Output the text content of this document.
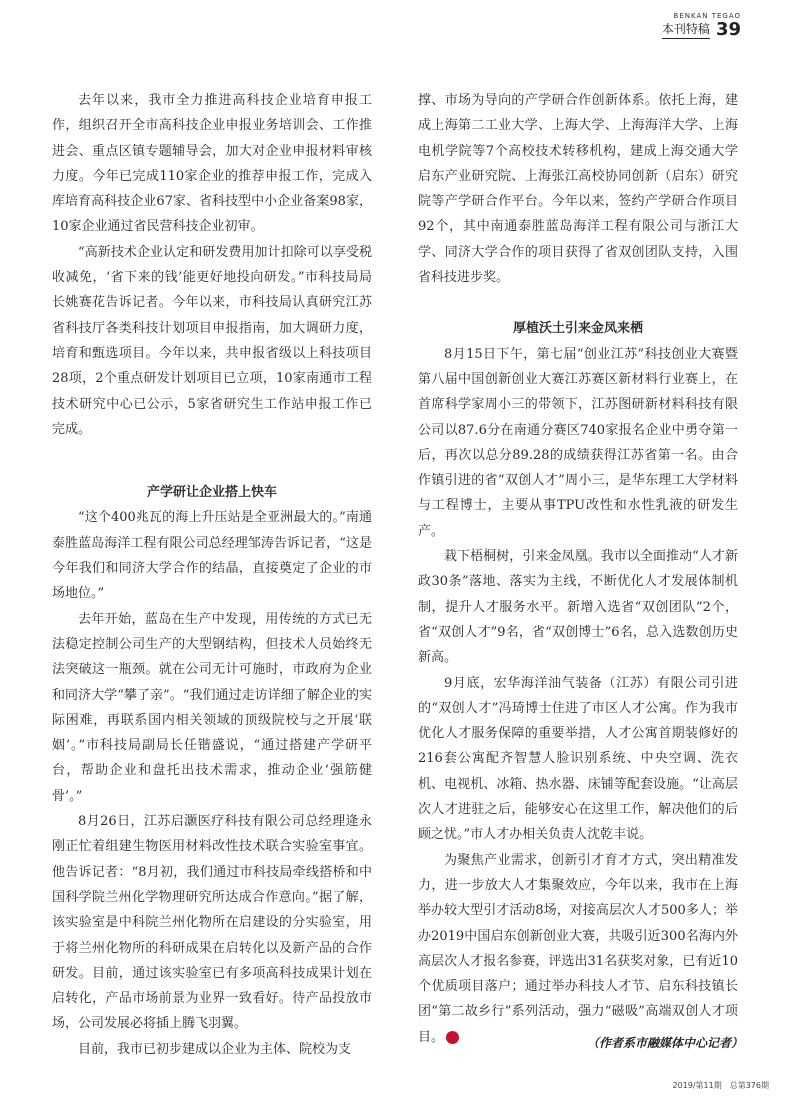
BENKAN TEGAO
本刊特稿 39

去年以来，我市全力推进高科技企业培育申报工作，组织召开全市高科技企业申报业务培训会、工作推进会、重点区镇专题辅导会，加大对企业申报材料审核力度。今年已完成110家企业的推荐申报工作，完成入库培育高科技企业67家、省科技型中小企业备案98家，10家企业通过省民营科技企业初审。

“高新技术企业认定和研发费用加计扣除可以享受税收减免，‘省下来的钱’能更好地投向研发。”市科技局局长姚赛花告诉记者。今年以来，市科技局认真研究江苏省科技厅各类科技计划项目申报指南，加大调研力度，培育和甄选项目。今年以来，共申报省级以上科技项目28项，2个重点研发计划项目已立项，10家南通市工程技术研究中心已公示，5家省研究生工作站申报工作已完成。

产学研让企业搭上快车

“这个400兆瓦的海上升压站是全亚洲最大的。”南通泰胜蓝岛海洋工程有限公司总经理邹涛告诉记者，“这是今年我们和同济大学合作的结晶，直接奠定了企业的市场地位。”

去年开始，蓝岛在生产中发现，用传统的方式已无法稳定控制公司生产的大型钢结构，但技术人员始终无法突破这一瓶颈。就在公司无计可施时，市政府为企业和同济大学“攀了亲”。“我们通过走访详细了解企业的实际困难，再联系国内相关领域的顶级院校与之开展‘联姻’。”市科技局副局长任锴盛说，“通过搭建产学研平台，帮助企业和盘托出技术需求，推动企业‘强筋健骨’。”

8月26日，江苏启灏医疗科技有限公司总经理逄永刚正忙着组建生物医用材料改性技术联合实验室事宜。他告诉记者：“8月初，我们通过市科技局牵线搭桥和中国科学院兰州化学物理研究所达成合作意向。”据了解，该实验室是中科院兰州化物所在启建设的分实验室，用于将兰州化物所的科研成果在启转化以及新产品的合作研发。目前，通过该实验室已有多项高科技成果计划在启转化，产品市场前景为业界一致看好。待产品投放市场，公司发展必将插上腾飞羽翼。

目前，我市已初步建成以企业为主体、院校为支

撑、市场为导向的产学研合作创新体系。依托上海，建成上海第二工业大学、上海大学、上海海洋大学、上海电机学院等7个高校技术转移机构，建成上海交通大学启东产业研究院、上海张江高校协同创新（启东）研究院等产学研合作平台。今年以来，签约产学研合作项目92个，其中南通泰胜蓝岛海洋工程有限公司与浙江大学、同济大学合作的项目获得了省双创团队支持，入围省科技进步奖。

厚植沃土引来金凤来栖

8月15日下午，第七届“创业江苏”科技创业大赛暨第八届中国创新创业大赛江苏赛区新材料行业赛上，在首席科学家周小三的带领下，江苏图研新材料科技有限公司以87.6分在南通分赛区740家报名企业中勇夺第一后，再次以总分89.28的成绩获得江苏省第一名。由合作镇引进的省“双创人才”周小三，是华东理工大学材料与工程博士，主要从事TPU改性和水性乳液的研发生产。

栽下梧桐树，引来金凤凰。我市以全面推动“人才新政30条”落地、落实为主线，不断优化人才发展体制机制，提升人才服务水平。新增入选省“双创团队”2个，省“双创人才”9名，省“双创博士”6名，总入选数创历史新高。

9月底，宏华海洋油气装备（江苏）有限公司引进的“双创人才”冯琦博士住进了市区人才公寓。作为我市优化人才服务保障的重要举措，人才公寓首期装修好的216套公寓配齐智慧人脸识别系统、中央空调、洗衣机、电视机、冰箱、热水器、床铺等配套设施。“让高层次人才进驻之后，能够安心在这里工作，解决他们的后顾之忧。”市人才办相关负责人沈乾丰说。

为聚焦产业需求，创新引才育才方式，突出精准发力，进一步放大人才集聚效应，今年以来，我市在上海举办较大型引才活动8场，对接高层次人才500多人；举办2019中国启东创新创业大赛，共吸引近300名海内外高层次人才报名参赛，评选出31名获奖对象，已有近10个优质项目落户；通过举办科技人才节、启东科技镇长团“第二故乡行”系列活动，强力“磁吸”高端双创人才项目。	（作者系市融媒体中心记者）
2019/第11期　总第376期
